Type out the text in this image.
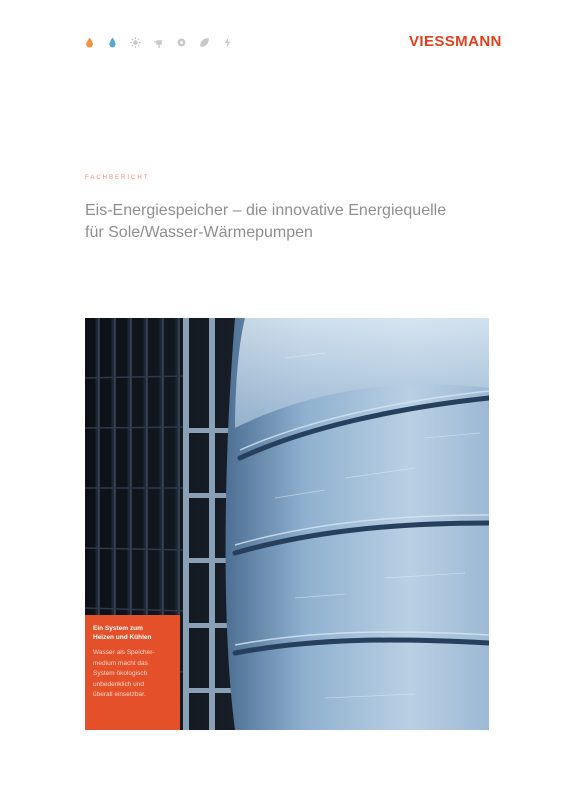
VIESSMANN
FACHBERICHT
Eis-Energiespeicher – die innovative Energiequelle
für Sole/Wasser-Wärmepumpen
Ein System zum
Heizen und Kühlen
Wasser als Speicher-
medium macht das
System ökologisch
unbedenklich und
überall einsetzbar.
